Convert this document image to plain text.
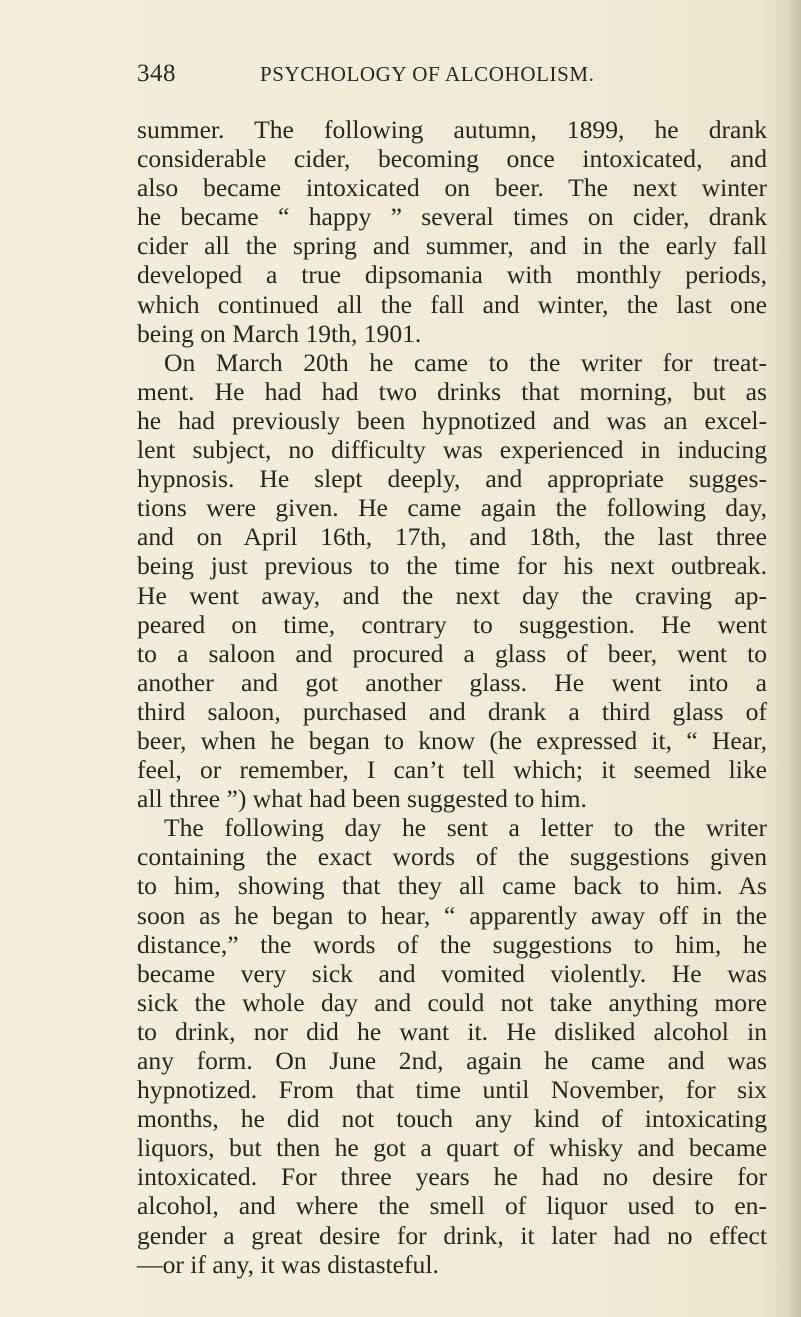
348	PSYCHOLOGY OF ALCOHOLISM.
summer. The following autumn, 1899, he drank
considerable cider, becoming once intoxicated, and
also became intoxicated on beer. The next winter
he became “ happy ” several times on cider, drank
cider all the spring and summer, and in the early fall
developed a true dipsomania with monthly periods,
which continued all the fall and winter, the last one
being on March 19th, 1901.
On March 20th he came to the writer for treat-
ment. He had had two drinks that morning, but as
he had previously been hypnotized and was an excel-
lent subject, no difficulty was experienced in inducing
hypnosis. He slept deeply, and appropriate sugges-
tions were given. He came again the following day,
and on April 16th, 17th, and 18th, the last three
being just previous to the time for his next outbreak.
He went away, and the next day the craving ap-
peared on time, contrary to suggestion. He went
to a saloon and procured a glass of beer, went to
another and got another glass. He went into a
third saloon, purchased and drank a third glass of
beer, when he began to know (he expressed it, “ Hear,
feel, or remember, I can’t tell which; it seemed like
all three ”) what had been suggested to him.
The following day he sent a letter to the writer
containing the exact words of the suggestions given
to him, showing that they all came back to him. As
soon as he began to hear, “ apparently away off in the
distance,” the words of the suggestions to him, he
became very sick and vomited violently. He was
sick the whole day and could not take anything more
to drink, nor did he want it. He disliked alcohol in
any form. On June 2nd, again he came and was
hypnotized. From that time until November, for six
months, he did not touch any kind of intoxicating
liquors, but then he got a quart of whisky and became
intoxicated. For three years he had no desire for
alcohol, and where the smell of liquor used to en-
gender a great desire for drink, it later had no effect
—or if any, it was distasteful.
